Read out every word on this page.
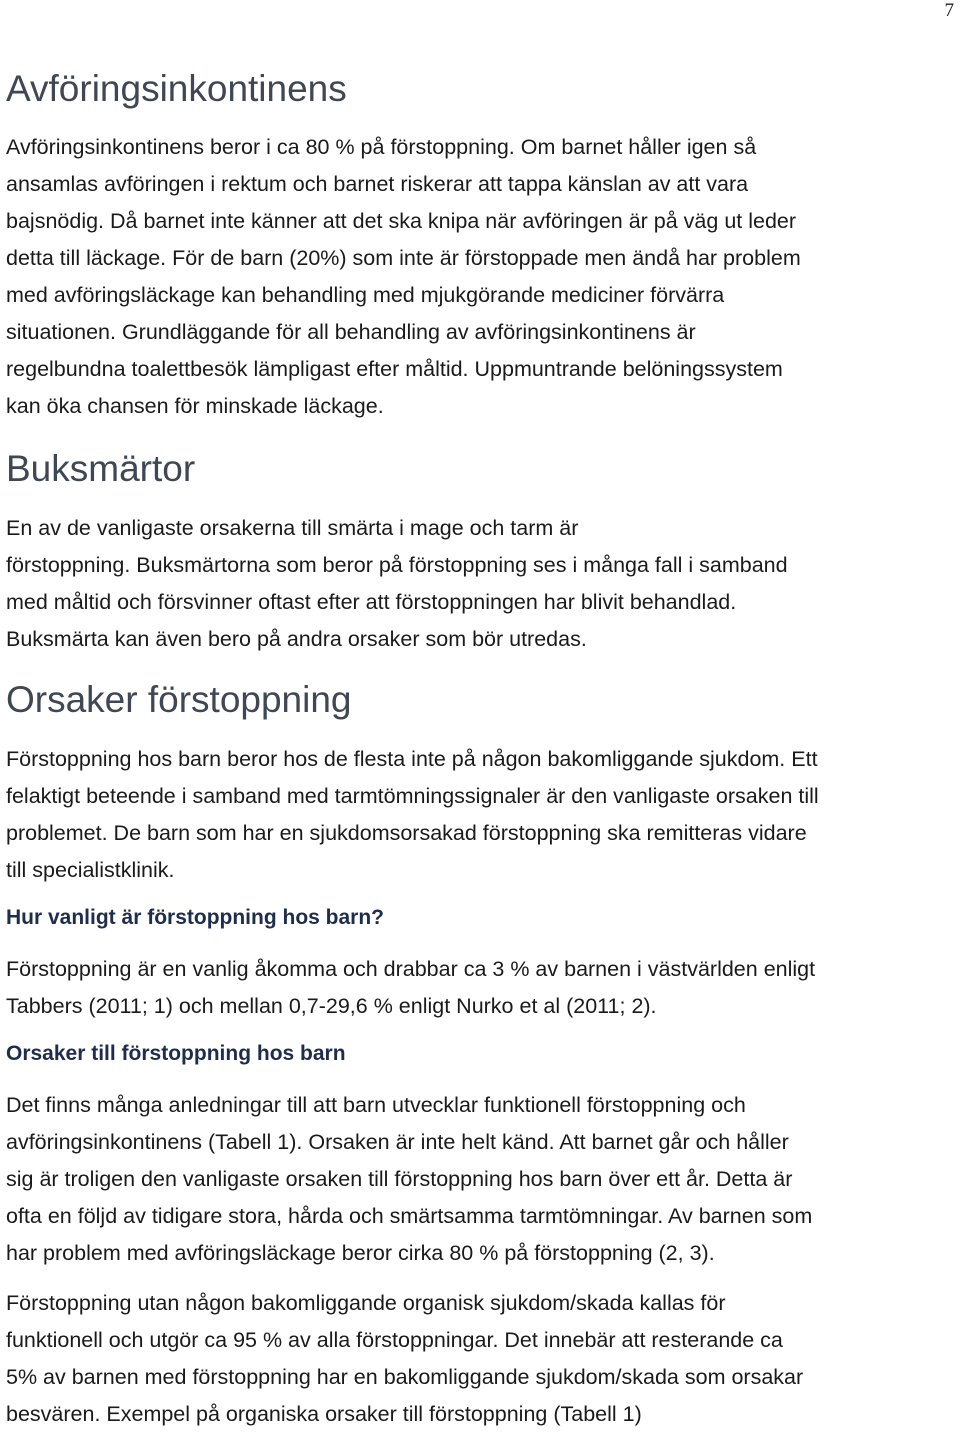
7
Avföringsinkontinens
Avföringsinkontinens beror i ca 80 % på förstoppning. Om barnet håller igen så
ansamlas avföringen i rektum och barnet riskerar att tappa känslan av att vara
bajsnödig. Då barnet inte känner att det ska knipa när avföringen är på väg ut leder
detta till läckage. För de barn (20%) som inte är förstoppade men ändå har problem
med avföringsläckage kan behandling med mjukgörande mediciner förvärra
situationen. Grundläggande för all behandling av avföringsinkontinens är
regelbundna toalettbesök lämpligast efter måltid. Uppmuntrande belöningssystem
kan öka chansen för minskade läckage.
Buksmärtor
En av de vanligaste orsakerna till smärta i mage och tarm är
förstoppning. Buksmärtorna som beror på förstoppning ses i många fall i samband
med måltid och försvinner oftast efter att förstoppningen har blivit behandlad.
Buksmärta kan även bero på andra orsaker som bör utredas.
Orsaker förstoppning
Förstoppning hos barn beror hos de flesta inte på någon bakomliggande sjukdom. Ett
felaktigt beteende i samband med tarmtömningssignaler är den vanligaste orsaken till
problemet. De barn som har en sjukdomsorsakad förstoppning ska remitteras vidare
till specialistklinik.
Hur vanligt är förstoppning hos barn?
Förstoppning är en vanlig åkomma och drabbar ca 3 % av barnen i västvärlden enligt
Tabbers (2011; 1) och mellan 0,7-29,6 % enligt Nurko et al (2011; 2).
Orsaker till förstoppning hos barn
Det finns många anledningar till att barn utvecklar funktionell förstoppning och
avföringsinkontinens (Tabell 1). Orsaken är inte helt känd. Att barnet går och håller
sig är troligen den vanligaste orsaken till förstoppning hos barn över ett år. Detta är
ofta en följd av tidigare stora, hårda och smärtsamma tarmtömningar. Av barnen som
har problem med avföringsläckage beror cirka 80 % på förstoppning (2, 3).
Förstoppning utan någon bakomliggande organisk sjukdom/skada kallas för
funktionell och utgör ca 95 % av alla förstoppningar. Det innebär att resterande ca
5% av barnen med förstoppning har en bakomliggande sjukdom/skada som orsakar
besvären. Exempel på organiska orsaker till förstoppning (Tabell 1)
